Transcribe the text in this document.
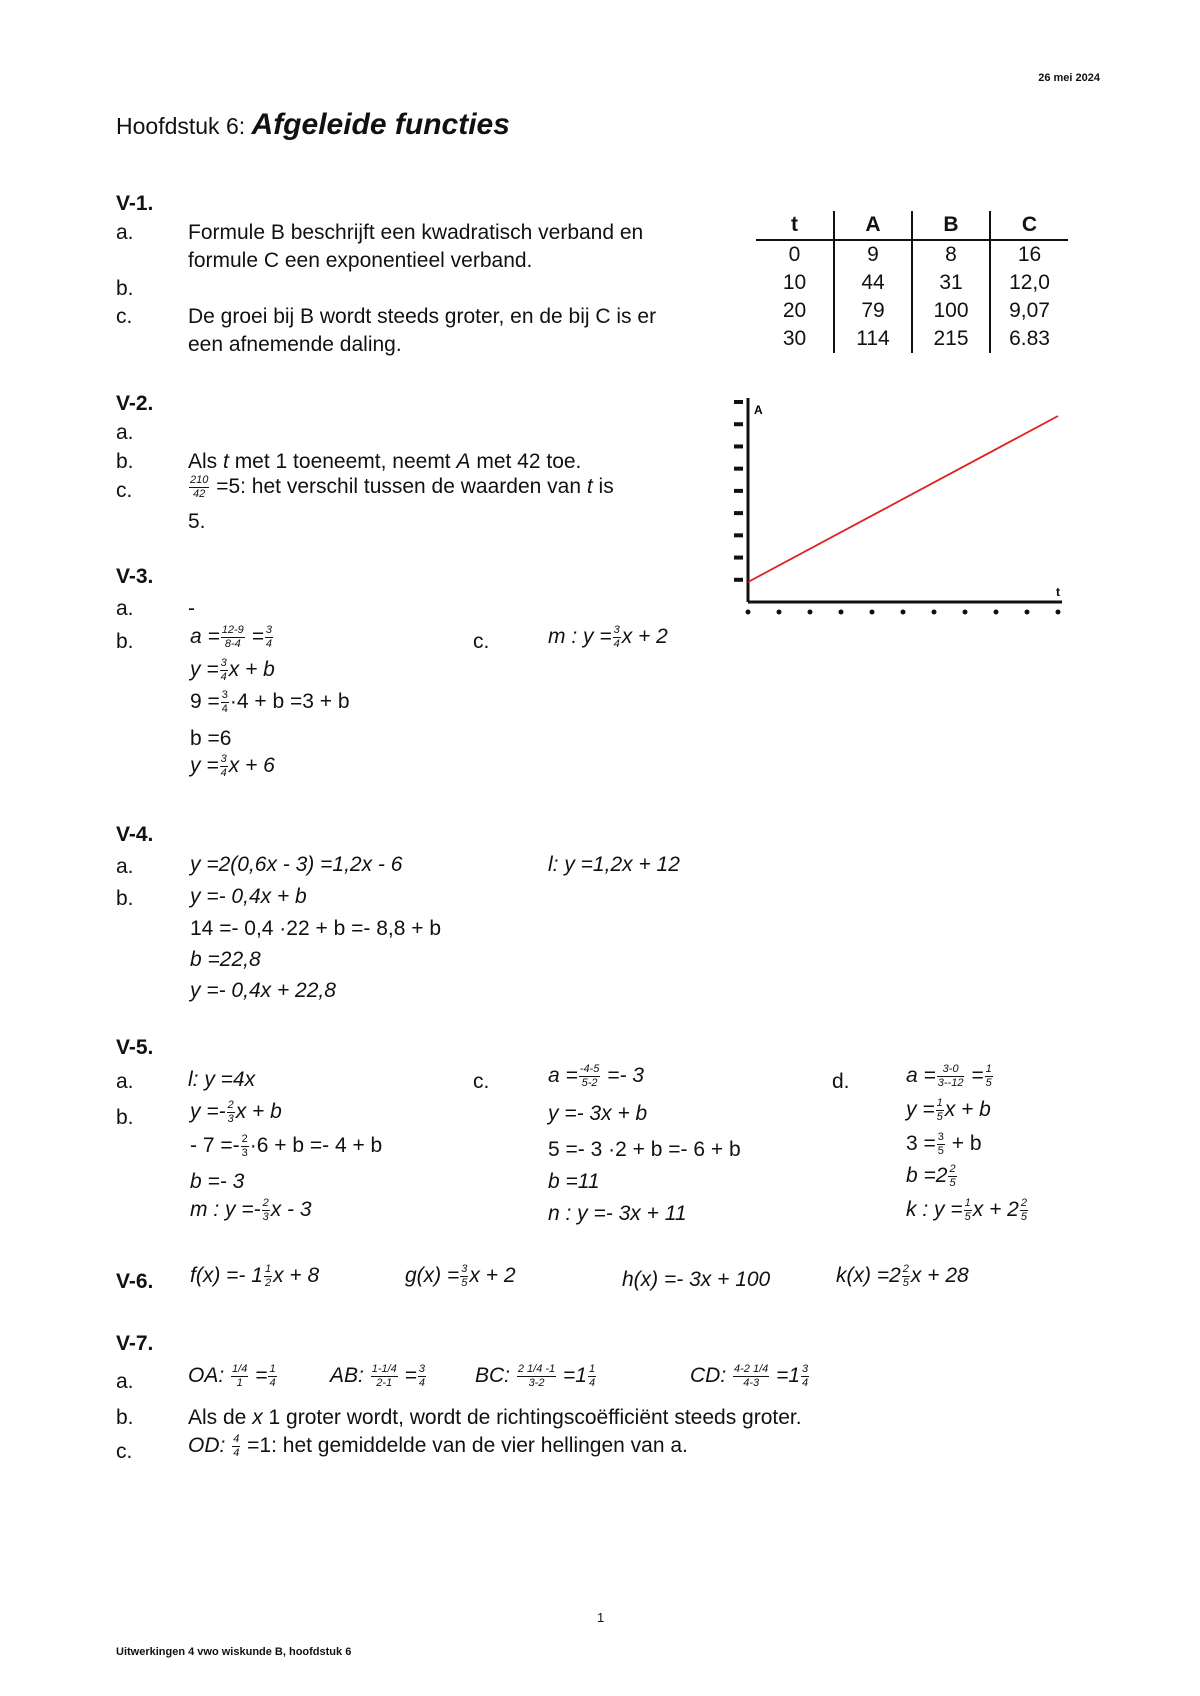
26 mei 2024
Hoofdstuk 6: Afgeleide functies
V-1.
a.	Formule B beschrijft een kwadratisch verband en
formule C een exponentieel verband.
b.
c.	De groei bij B wordt steeds groter, en de bij C is er
een afnemende daling.
t	A	B	C
0	9	8	16
10	44	31	12,0
20	79	100	9,07
30	114	215	6.83
V-2.
a.
b.	Als t met 1 toeneemt, neemt A met 42 toe.
c.	$\frac{210}{42} =5$: het verschil tussen de waarden van t is
5.
A
t
V-3.
a.	-
b.	$a = \frac{12-9}{8-4} = \frac{3}{4}$
$y = \frac{3}{4}$ x + b
$9 = \frac{3}{4} \cdot 4 + b =3 + b$
b =6
$y = \frac{3}{4}$ x + 6
c.	m : $y = \frac{3}{4}$ x + 2
V-4.
a.	y =2(0,6x - 3) =1,2x - 6	l: y =1,2x + 12
b.	y =- 0,4x + b
14 =- 0,4 ·22 + b =- 8,8 + b
b =22,8
y =- 0,4x + 22,8
V-5.
a.	l: y =4x
b.	$y =- \frac{2}{3}$ x + b
- $7 =- \frac{2}{3} \cdot 6 + b =- 4 + b$
b =- 3
m : $y =- \frac{2}{3}$ x - 3
c.	$a = \frac{-4-5}{5-2} =- 3$
y =- 3x + b
5 =- 3 ·2 + b =- 6 + b
b =11
n : y =- 3x + 11
d.	$a = \frac{3-0}{3--12} = \frac{1}{5}$
$y = \frac{1}{5}$ x + b
$3 = \frac{3}{5} + b$
$b =2 \frac{2}{5}$
k : $y = \frac{1}{5}$ $x + 2 \frac{2}{5}$
V-6. $f(x) =- 1 \frac{1}{2}$ x + 8	$g(x) = \frac{3}{5}$ x + 2	h(x) =- 3x + 100	$k(x) =2 \frac{2}{5}$ x + 28
V-7.
a.	OA: $\frac{1/4}{1} = \frac{1}{4}$	AB: $\frac{1-1/4}{2-1} = \frac{3}{4}$ BC: $\frac{2 1/4 -1}{3-2} =1 \frac{1}{4}$	CD: $\frac{4-2 1/4}{4-3} =1 \frac{3}{4}$
b.	Als de x 1 groter wordt, wordt de richtingscoëfficiënt steeds groter.
c.	OD: $\frac{4}{4} =1$: het gemiddelde van de vier hellingen van a.
1
Uitwerkingen 4 vwo wiskunde B, hoofdstuk 6
